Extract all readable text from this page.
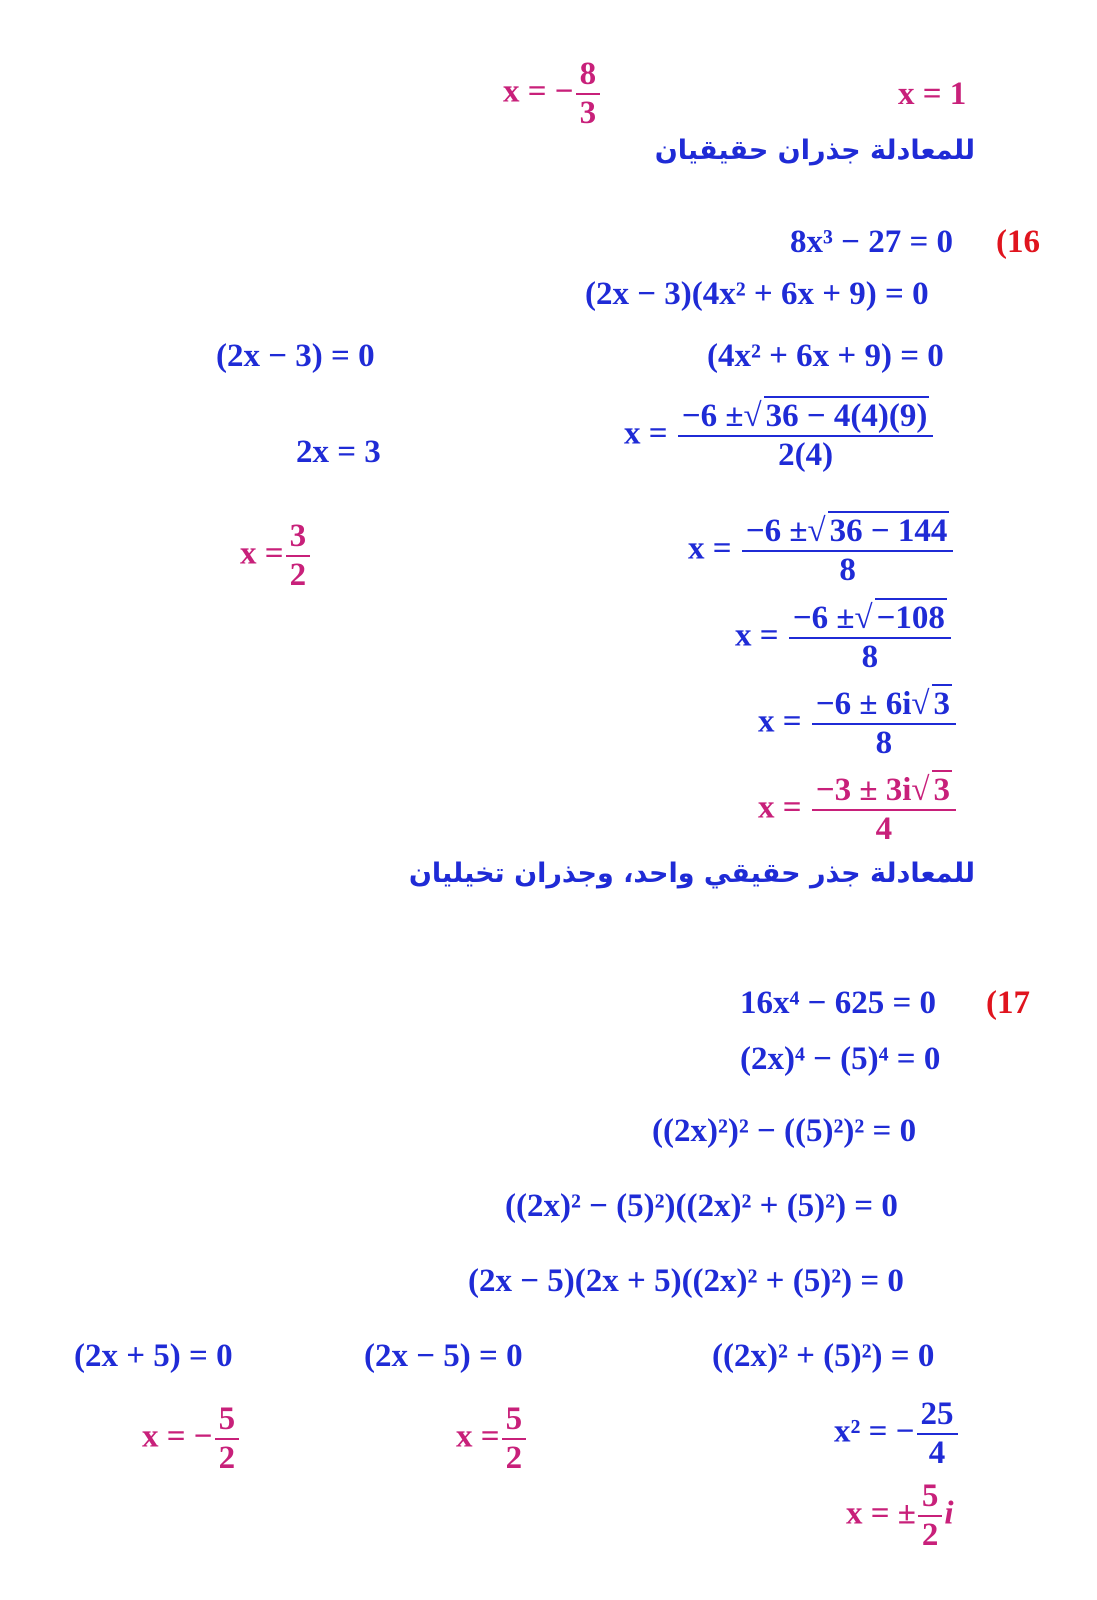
x = 1
x = − $\frac{8}{3}$
للمعادلة جذران حقيقيان
(16
8x³ − 27 = 0
(2x − 3)(4x² + 6x + 9) = 0
(4x² + 6x + 9) = 0
$x = \frac{-6 \pm√ 36 - 4(4)(9)}{2(4)}$
$x = \frac{-6 \pm√ 36 - 144}{8}$
$x = \frac{-6 \pm√ -108}{8}$
$x = \frac{-6 \pm 6i√ 3}{8}$
$x = \frac{-3 \pm 3i√ 3}{4}$
(2x − 3) = 0
2x = 3
$x = \frac{3}{2}$
للمعادلة جذر حقيقي واحد، وجذران تخيليان
(17
16x⁴ − 625 = 0
(2x)⁴ − (5)⁴ = 0
((2x)²)² − ((5)²)² = 0
((2x)² − (5)²)((2x)² + (5)²) = 0
(2x − 5)(2x + 5)((2x)² + (5)²) = 0
((2x)² + (5)²) = 0
(2x − 5) = 0
(2x + 5) = 0
x² = − $\frac{25}{4}$
$x = \frac{5}{2}$
x = − $\frac{5}{2}$
x = ± $\frac{5}{2}$ i
